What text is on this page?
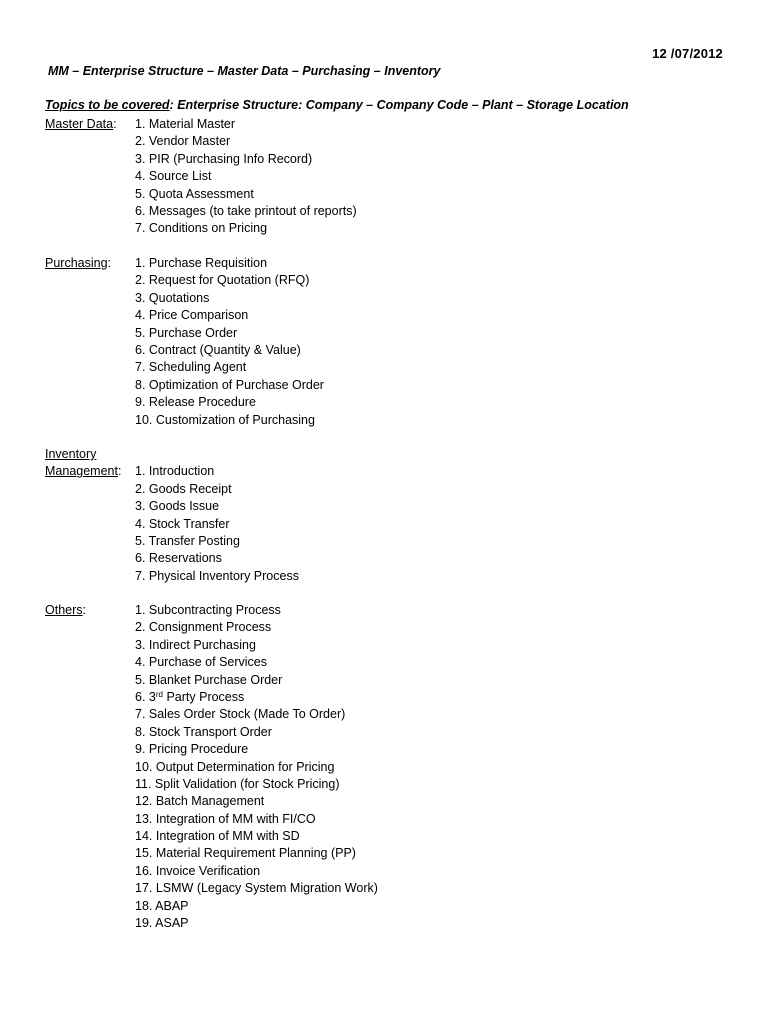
12 /07/2012
MM – Enterprise Structure – Master Data – Purchasing – Inventory
Topics to be covered: Enterprise Structure: Company – Company Code – Plant – Storage Location
Master Data:	1. Material Master
2. Vendor Master
3. PIR (Purchasing Info Record)
4. Source List
5. Quota Assessment
6. Messages (to take printout of reports)
7. Conditions on Pricing
Purchasing:	1. Purchase Requisition
2. Request for Quotation (RFQ)
3. Quotations
4. Price Comparison
5. Purchase Order
6. Contract (Quantity & Value)
7. Scheduling Agent
8. Optimization of Purchase Order
9. Release Procedure
10. Customization of Purchasing
Inventory
Management:	1. Introduction
2. Goods Receipt
3. Goods Issue
4. Stock Transfer
5. Transfer Posting
6. Reservations
7. Physical Inventory Process
Others:	1. Subcontracting Process
2. Consignment Process
3. Indirect Purchasing
4. Purchase of Services
5. Blanket Purchase Order
6. 3rd Party Process
7. Sales Order Stock (Made To Order)
8. Stock Transport Order
9. Pricing Procedure
10. Output Determination for Pricing
11. Split Validation (for Stock Pricing)
12. Batch Management
13. Integration of MM with FI/CO
14. Integration of MM with SD
15. Material Requirement Planning (PP)
16. Invoice Verification
17. LSMW (Legacy System Migration Work)
18. ABAP
19. ASAP
